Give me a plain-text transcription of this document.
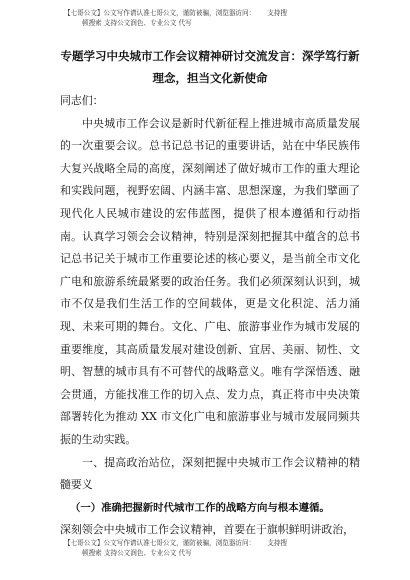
【七哥公文】公文写作请认准七哥公文，谨防被骗，浏览器访问： 支持搜
顿搜索 支持公文润色、专业公文 代写
专题学习中央城市工作会议精神研讨交流发言：深学笃行新
理念，担当文化新使命

同志们：

中央城市工作会议是新时代新征程上推进城市高质量发展的一次重要会议。总书记总书记的重要讲话，站在中华民族伟大复兴战略全局的高度，深刻阐述了做好城市工作的重大理论和实践问题，视野宏阔、内涵丰富、思想深邃，为我们擘画了现代化人民城市建设的宏伟蓝图，提供了根本遵循和行动指南。认真学习领会会议精神，特别是深刻把握其中蕴含的总书记总书记关于城市工作重要论述的核心要义，是当前全市文化广电和旅游系统最紧要的政治任务。我们必须深刻认识到，城市不仅是我们生活工作的空间载体，更是文化积淀、活力涌现、未来可期的舞台。文化、广电、旅游事业作为城市发展的重要维度，其高质量发展对建设创新、宜居、美丽、韧性、文明、智慧的城市具有不可替代的战略意义。唯有学深悟透、融会贯通，方能找准工作的切入点、发力点，真正将市中央决策部署转化为推动 XX 市文化广电和旅游事业与城市发展同频共振的生动实践。

一、提高政治站位，深刻把握中央城市工作会议精神的精髓要义

（一）准确把握新时代城市工作的战略方向与根本遵循。

深刻领会中央城市工作会议精神，首要在于旗帜鲜明讲政治，

【七哥公文】公文写作请认准七哥公文，谨防被骗，浏览器访问： 支持搜
顿搜索 支持公文润色、专业公文 代写
